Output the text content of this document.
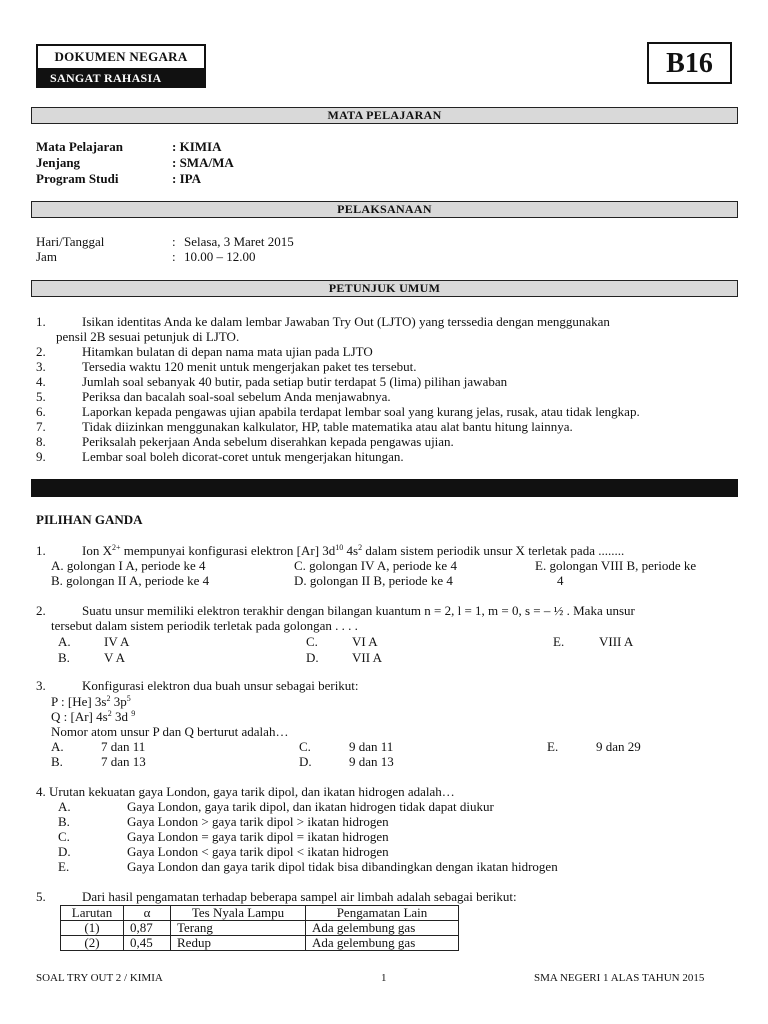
DOKUMEN NEGARA
SANGAT RAHASIA	B16
MATA PELAJARAN
Mata Pelajaran	: KIMIA
Jenjang	: SMA/MA
Program Studi	: IPA
PELAKSANAAN
Hari/Tanggal	: Selasa, 3 Maret 2015
Jam	: 10.00 – 12.00
PETUNJUK UMUM
1.	Isikan identitas Anda ke dalam lembar Jawaban Try Out (LJTO) yang terssedia dengan menggunakan
pensil 2B sesuai petunjuk di LJTO.
2.	Hitamkan bulatan di depan nama mata ujian pada LJTO
3.	Tersedia waktu 120 menit untuk mengerjakan paket tes tersebut.
4.	Jumlah soal sebanyak 40 butir, pada setiap butir terdapat 5 (lima) pilihan jawaban
5.	Periksa dan bacalah soal-soal sebelum Anda menjawabnya.
6.	Laporkan kepada pengawas ujian apabila terdapat lembar soal yang kurang jelas, rusak, atau tidak lengkap.
7.	Tidak diizinkan menggunakan kalkulator, HP, table matematika atau alat bantu hitung lainnya.
8.	Periksalah pekerjaan Anda sebelum diserahkan kepada pengawas ujian.
9.	Lembar soal boleh dicorat-coret untuk mengerjakan hitungan.
PILIHAN GANDA
1.	Ion $X^{2+}$ mempunyai konfigurasi elektron [Ar] $3d^{10}$ $4s^2$ dalam sistem periodik unsur X terletak pada ........
A. golongan I A, periode ke 4
B. golongan II A, periode ke 4
C. golongan IV A, periode ke 4
D. golongan II B, periode ke 4
E. golongan VIII B, periode ke
4
2.	Suatu unsur memiliki elektron terakhir dengan bilangan kuantum n = 2, l = 1, m = 0, s = – ½ . Maka unsur
tersebut dalam sistem periodik terletak pada golongan . . . .
A.	IV A
B.	V A
C.	VI A
D.	VII A
E.	VIII A
3.	Konfigurasi elektron dua buah unsur sebagai berikut:
P : [He] $3s^2$ $3p^5$
Q : [Ar] $4s^2$ 3d $^9$
Nomor atom unsur P dan Q berturut adalah…
A.	7 dan 11
B.	7 dan 13
C.	9 dan 11
D.	9 dan 13
E.	9 dan 29
4. Urutan kekuatan gaya London, gaya tarik dipol, dan ikatan hidrogen adalah…
A.	Gaya London, gaya tarik dipol, dan ikatan hidrogen tidak dapat diukur
B.	Gaya London > gaya tarik dipol > ikatan hidrogen
C.	Gaya London = gaya tarik dipol = ikatan hidrogen
D.	Gaya London < gaya tarik dipol < ikatan hidrogen
E.	Gaya London dan gaya tarik dipol tidak bisa dibandingkan dengan ikatan hidrogen
5.	Dari hasil pengamatan terhadap beberapa sampel air limbah adalah sebagai berikut:
Larutan	α	Tes Nyala Lampu	Pengamatan Lain
(1)	0,87	Terang	Ada gelembung gas
(2)	0,45	Redup	Ada gelembung gas
SOAL TRY OUT 2 / KIMIA	1	SMA NEGERI 1 ALAS TAHUN 2015
